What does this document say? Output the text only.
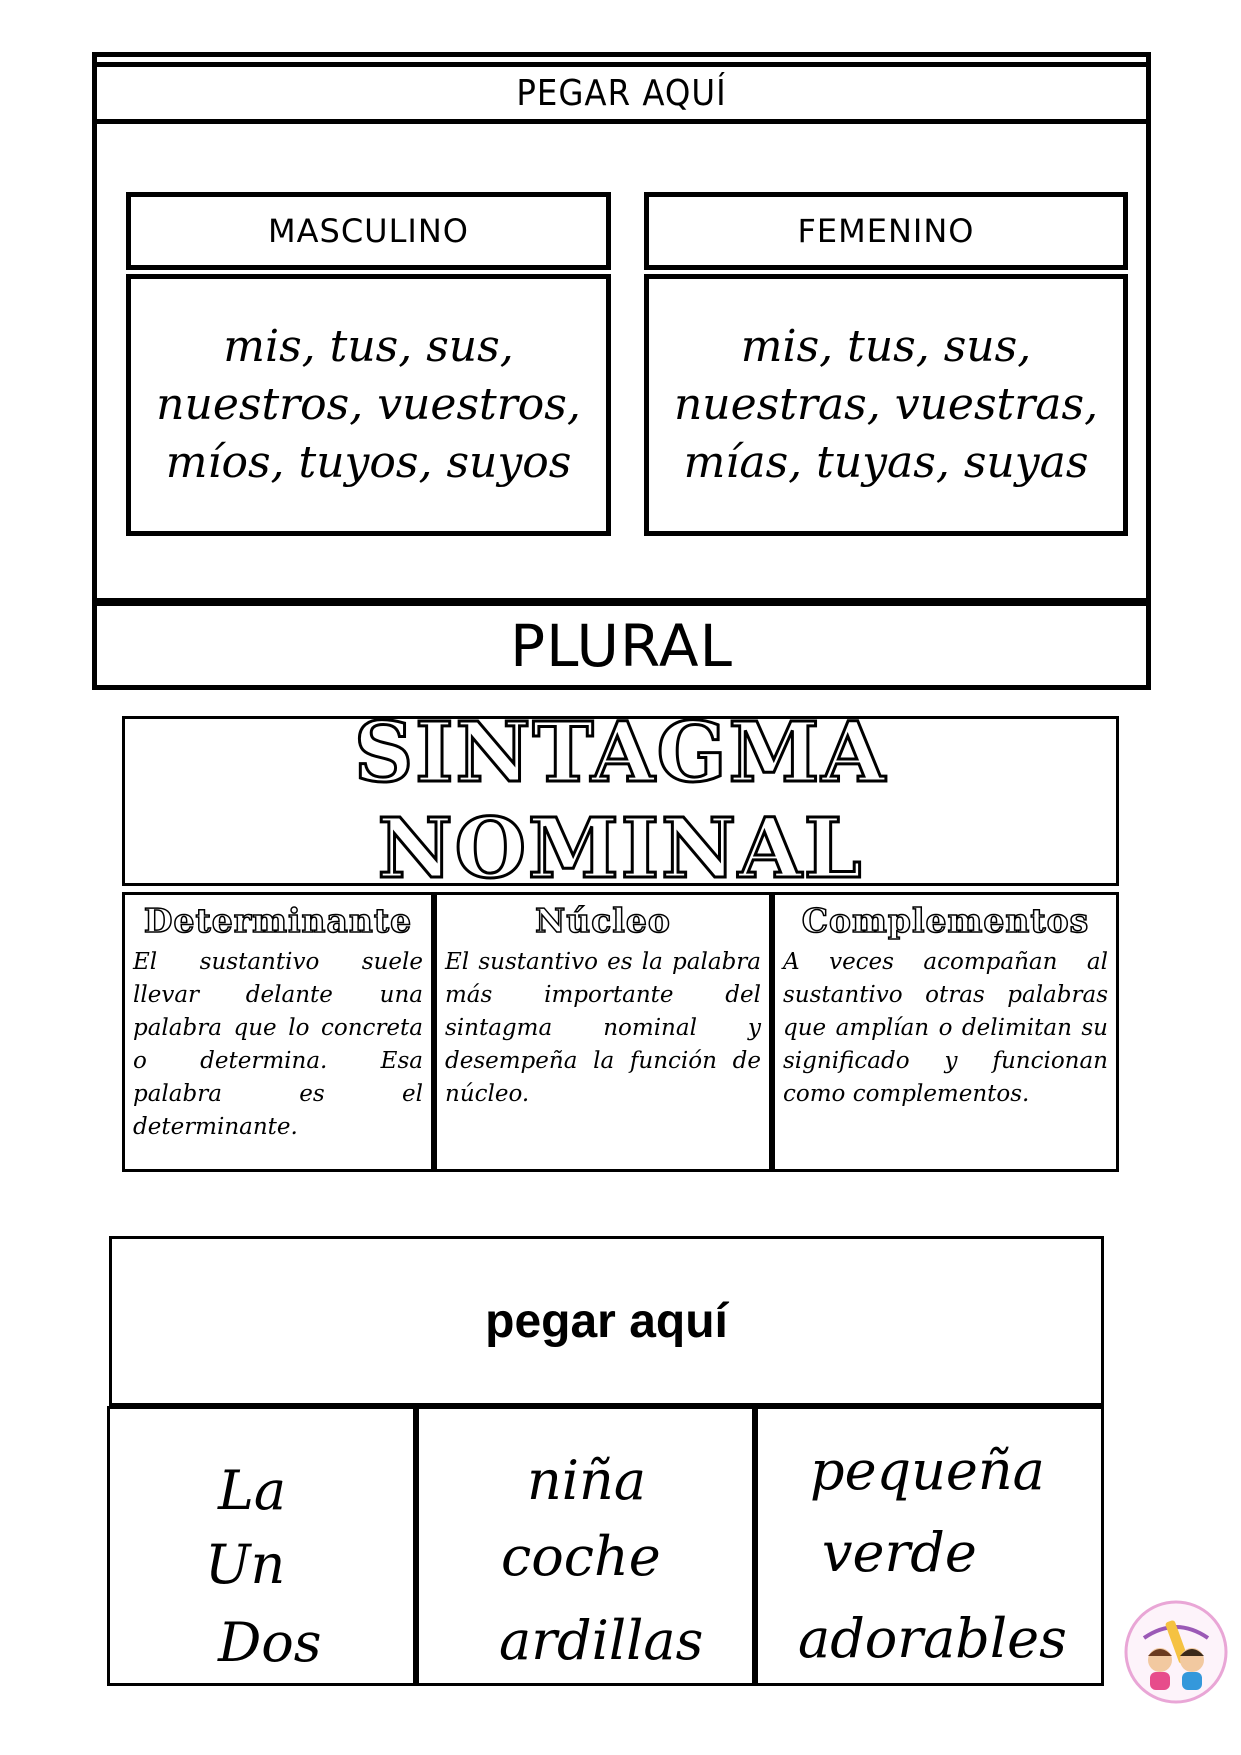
PEGAR AQUÍ
MASCULINO
mis, tus, sus,
nuestros, vuestros,
míos, tuyos, suyos
FEMENINO
mis, tus, sus,
nuestras, vuestras,
mías, tuyas, suyas
PLURAL
SINTAGMA NOMINAL
Determinante

El sustantivo suele llevar delante una palabra que lo concreta o determina. Esa palabra es el determinante.

Núcleo

El sustantivo es la palabra más importante del sintagma nominal y desempeña la función de núcleo.

Complementos

A veces acompañan al sustantivo otras palabras que amplían o delimitan su significado y funcionan como complementos.

pegar aquí
La
Un
Dos
niña
coche
ardillas
pequeña
verde
adorables
